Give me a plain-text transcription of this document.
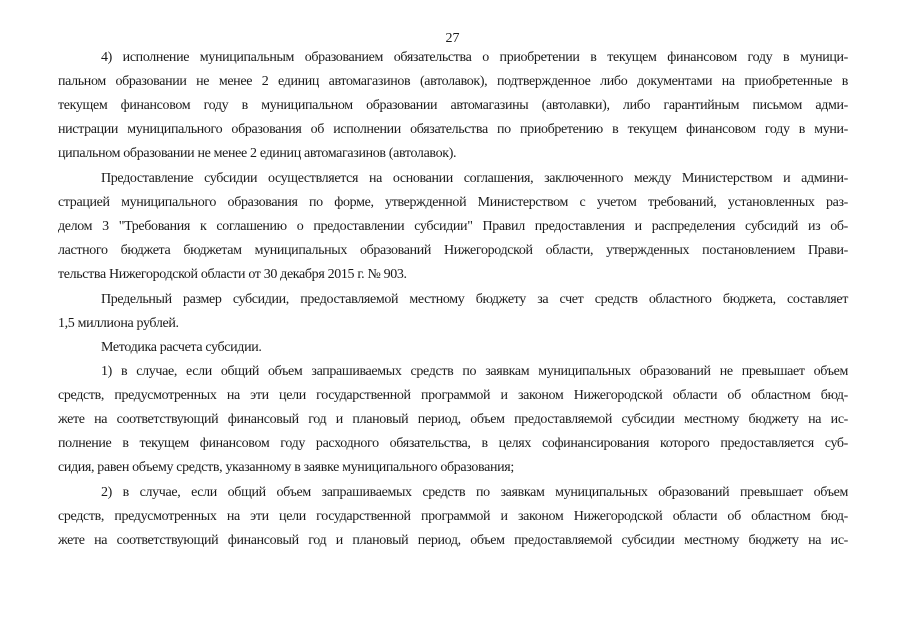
27
4) исполнение муниципальным образованием обязательства о приобретении в текущем финансовом году в муници-
пальном образовании не менее 2 единиц автомагазинов (автолавок), подтвержденное либо документами на приобретенные в
текущем финансовом году в муниципальном образовании автомагазины (автолавки), либо гарантийным письмом адми-
нистрации муниципального образования об исполнении обязательства по приобретению в текущем финансовом году в муни-
ципальном образовании не менее 2 единиц автомагазинов (автолавок).
Предоставление субсидии осуществляется на основании соглашения, заключенного между Министерством и админи-
страцией муниципального образования по форме, утвержденной Министерством с учетом требований, установленных раз-
делом 3 "Требования к соглашению о предоставлении субсидии" Правил предоставления и распределения субсидий из об-
ластного бюджета бюджетам муниципальных образований Нижегородской области, утвержденных постановлением Прави-
тельства Нижегородской области от 30 декабря 2015 г. № 903.
Предельный размер субсидии, предоставляемой местному бюджету за счет средств областного бюджета, составляет
1,5 миллиона рублей.
Методика расчета субсидии.
1) в случае, если общий объем запрашиваемых средств по заявкам муниципальных образований не превышает объем
средств, предусмотренных на эти цели государственной программой и законом Нижегородской области об областном бюд-
жете на соответствующий финансовый год и плановый период, объем предоставляемой субсидии местному бюджету на ис-
полнение в текущем финансовом году расходного обязательства, в целях софинансирования которого предоставляется суб-
сидия, равен объему средств, указанному в заявке муниципального образования;
2) в случае, если общий объем запрашиваемых средств по заявкам муниципальных образований превышает объем
средств, предусмотренных на эти цели государственной программой и законом Нижегородской области об областном бюд-
жете на соответствующий финансовый год и плановый период, объем предоставляемой субсидии местному бюджету на ис-
